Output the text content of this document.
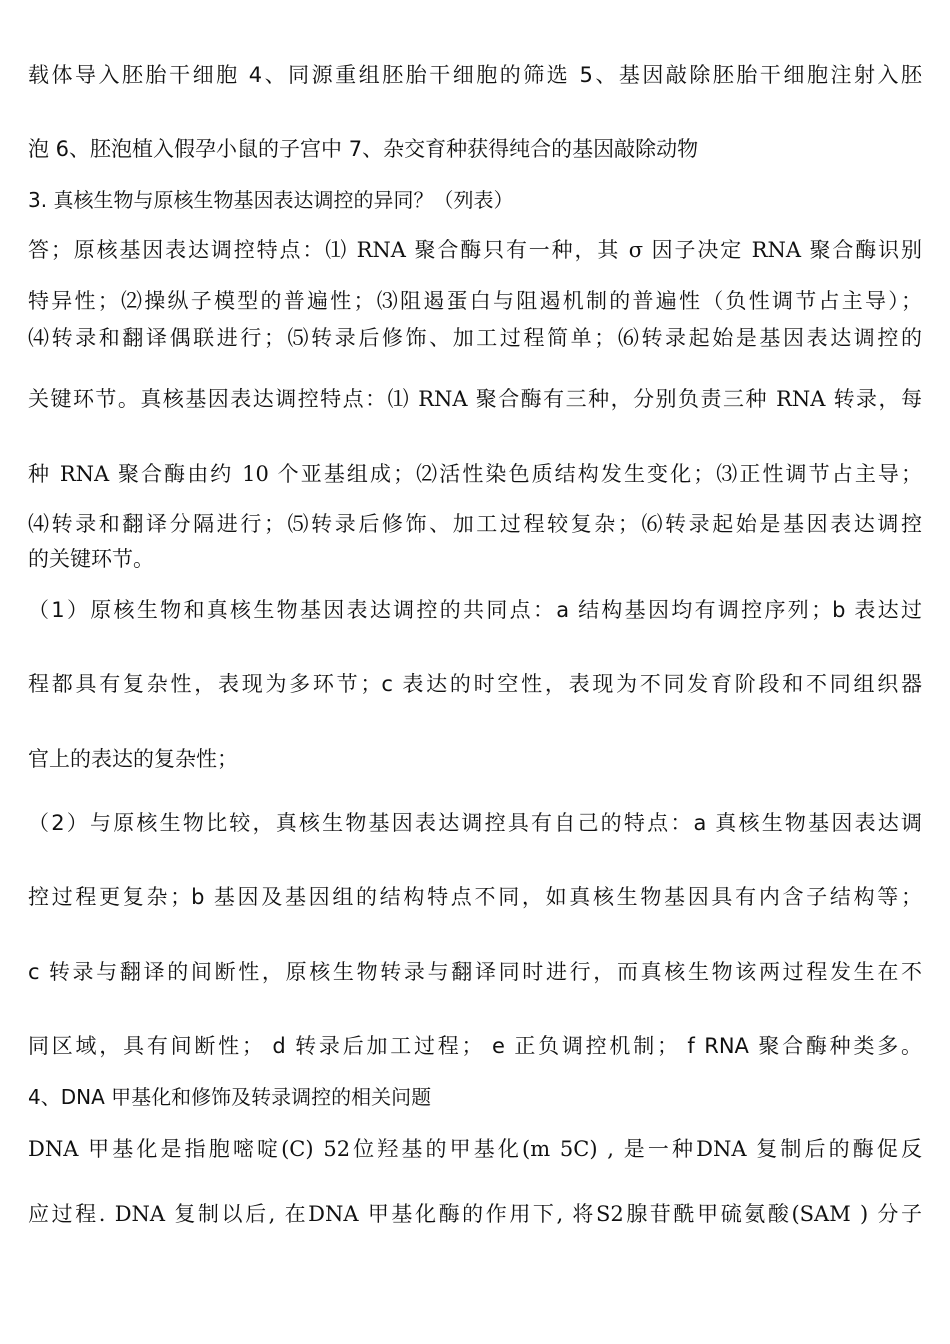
载体导入胚胎干细胞 4、同源重组胚胎干细胞的筛选 5、基因敲除胚胎干细胞注射入胚
泡 6、胚泡植入假孕小鼠的子宫中 7、杂交育种获得纯合的基因敲除动物
3. 真核生物与原核生物基因表达调控的异同？（列表）
答；原核基因表达调控特点：⑴ RNA 聚合酶只有一种，其 σ 因子决定 RNA 聚合酶识别
特异性；⑵操纵子模型的普遍性；⑶阻遏蛋白与阻遏机制的普遍性（负性调节占主导）；
⑷转录和翻译偶联进行；⑸转录后修饰、加工过程简单；⑹转录起始是基因表达调控的
关键环节。真核基因表达调控特点：⑴ RNA 聚合酶有三种，分别负责三种 RNA 转录，每
种 RNA 聚合酶由约 10 个亚基组成；⑵活性染色质结构发生变化；⑶正性调节占主导；
⑷转录和翻译分隔进行；⑸转录后修饰、加工过程较复杂；⑹转录起始是基因表达调控
的关键环节。
（1）原核生物和真核生物基因表达调控的共同点：a 结构基因均有调控序列；b 表达过
程都具有复杂性，表现为多环节；c 表达的时空性，表现为不同发育阶段和不同组织器
官上的表达的复杂性；
（2）与原核生物比较，真核生物基因表达调控具有自己的特点：a 真核生物基因表达调
控过程更复杂；b 基因及基因组的结构特点不同，如真核生物基因具有内含子结构等；
c 转录与翻译的间断性，原核生物转录与翻译同时进行，而真核生物该两过程发生在不
同区域，具有间断性； d 转录后加工过程； e 正负调控机制； f RNA 聚合酶种类多。
4、DNA 甲基化和修饰及转录调控的相关问题
DNA 甲基化是指胞嘧啶(C) 52位羟基的甲基化(m 5C) , 是一种DNA 复制后的酶促反
应过程. DNA 复制以后, 在DNA 甲基化酶的作用下, 将S2腺苷酰甲硫氨酸(SAM ) 分子
